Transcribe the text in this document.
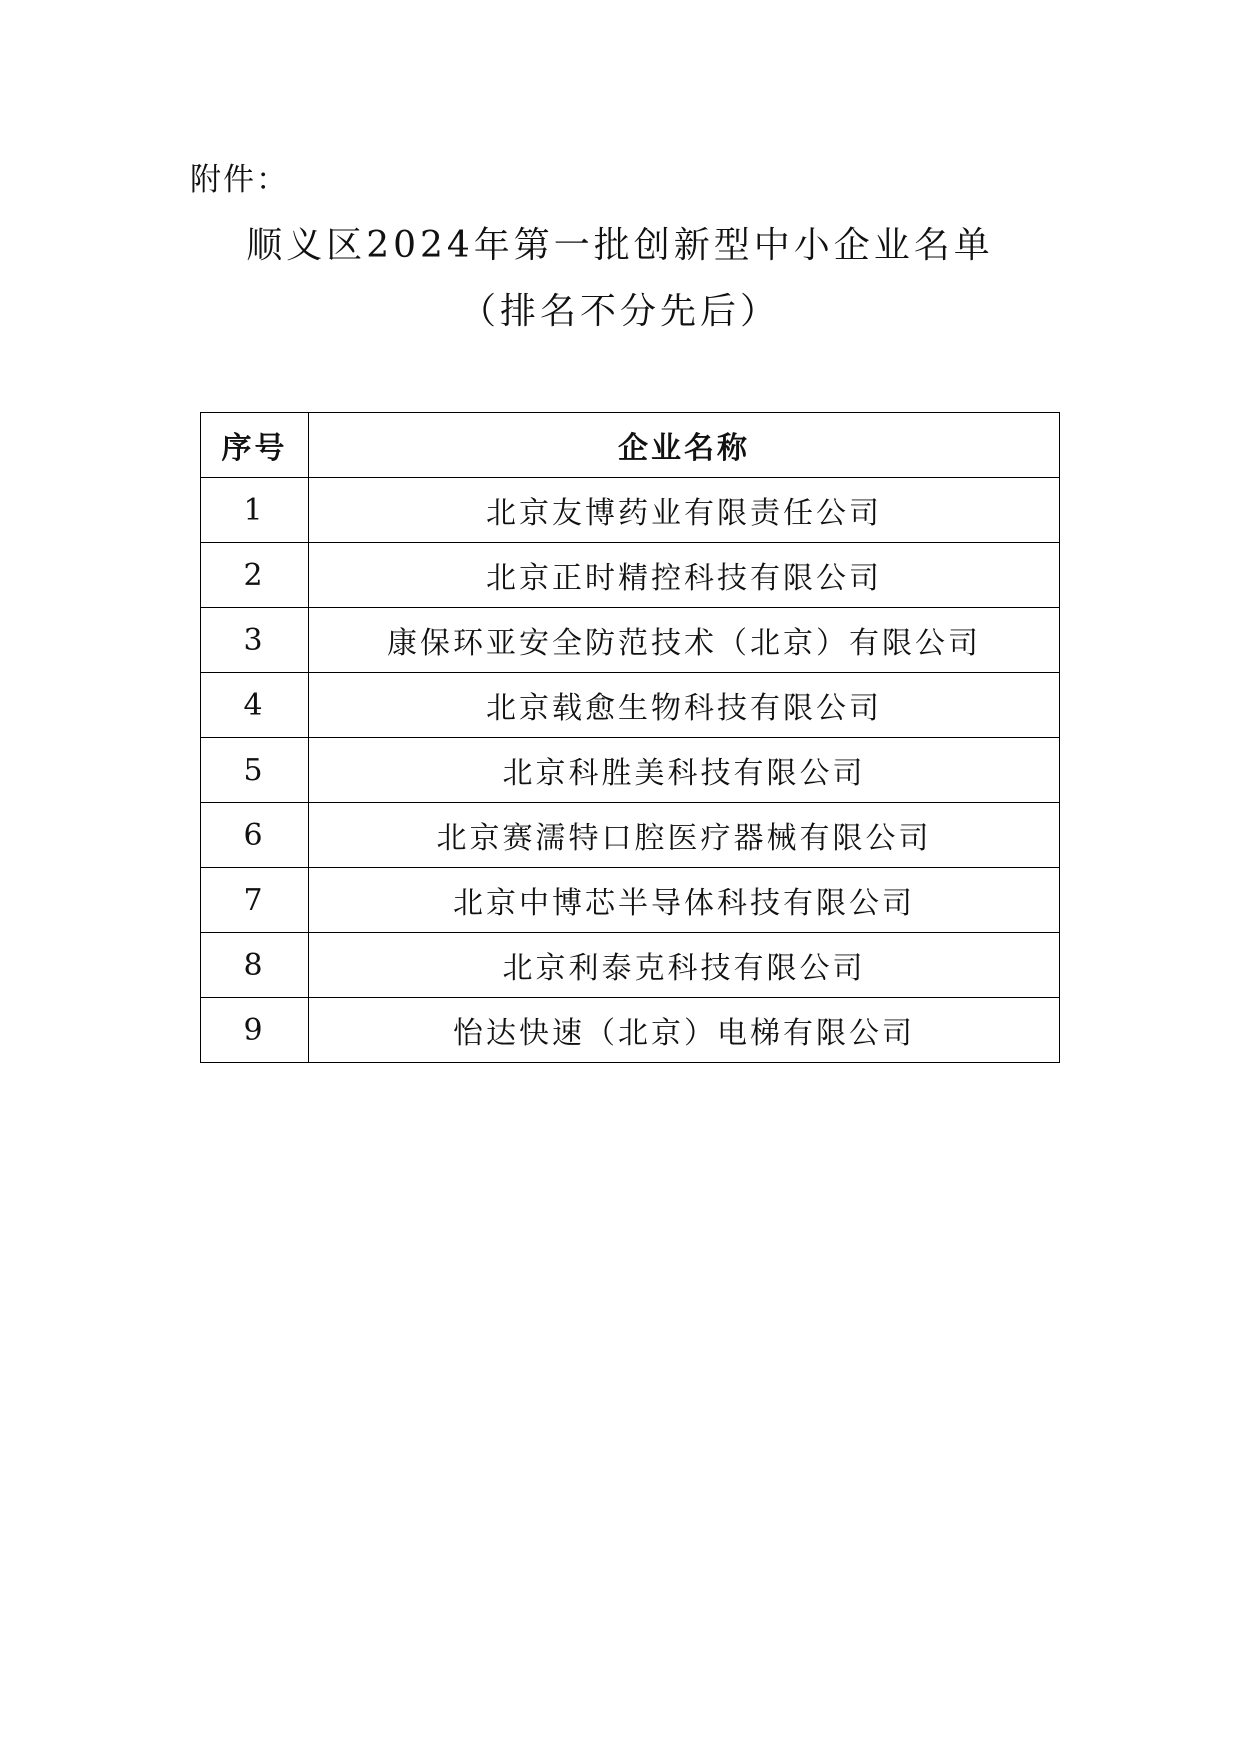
附件：
顺义区2024年第一批创新型中小企业名单
（排名不分先后）
序号	企业名称
1	北京友博药业有限责任公司
2	北京正时精控科技有限公司
3	康保环亚安全防范技术（北京）有限公司
4	北京载愈生物科技有限公司
5	北京科胜美科技有限公司
6	北京赛濡特口腔医疗器械有限公司
7	北京中博芯半导体科技有限公司
8	北京利泰克科技有限公司
9	怡达快速（北京）电梯有限公司
